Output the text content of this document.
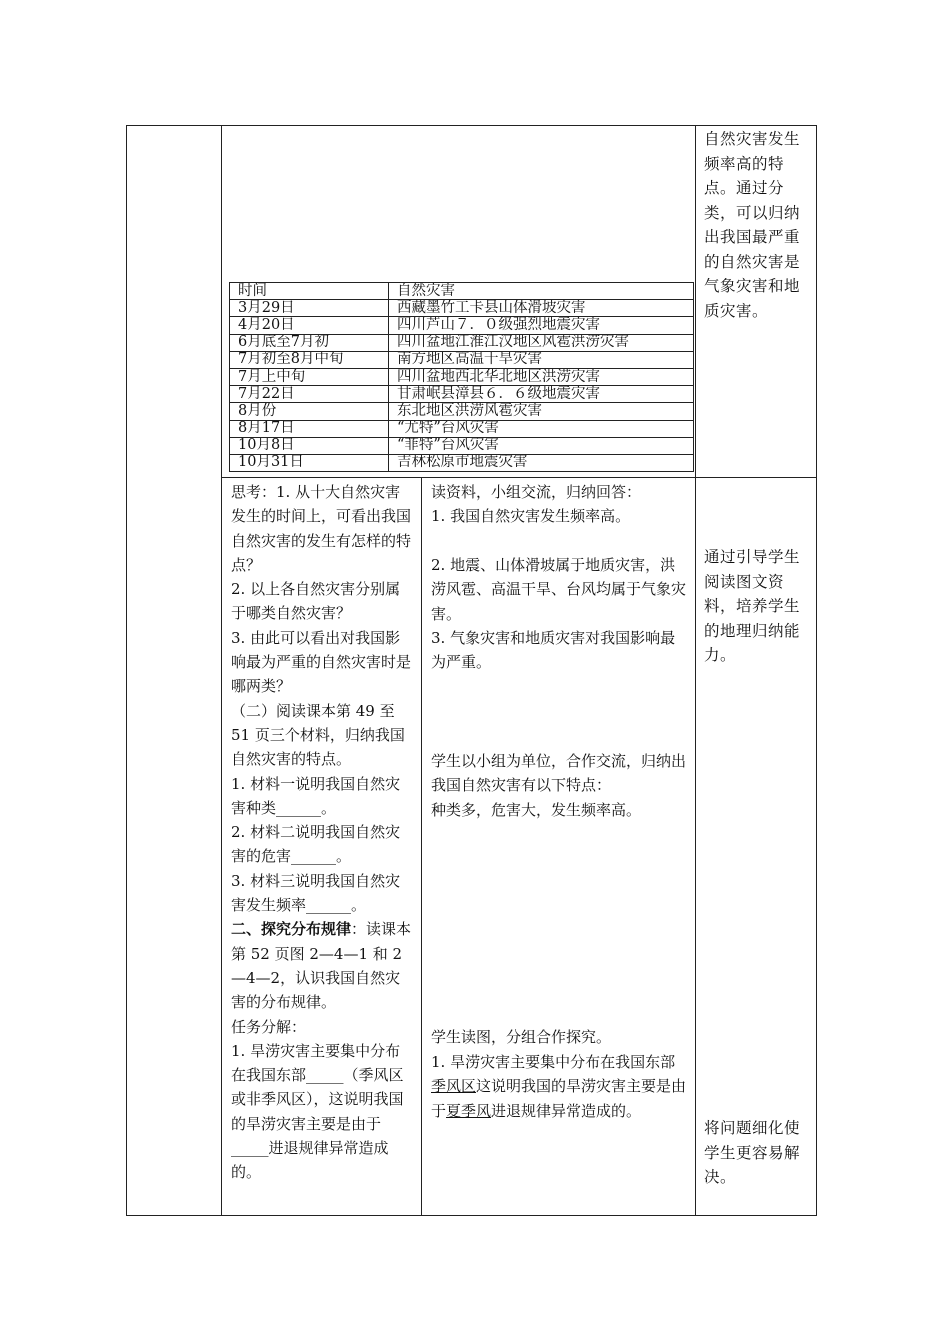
自然灾害发生频率高的特点。通过分类，可以归纳出我国最严重的自然灾害是气象灾害和地质灾害。
时间	自然灾害
3月29日	西藏墨竹工卡县山体滑坡灾害
4月20日	四川芦山７．０级强烈地震灾害
6月底至7月初	四川盆地江淮江汉地区风雹洪涝灾害
7月初至8月中旬	南方地区高温干旱灾害
7月上中旬	四川盆地西北华北地区洪涝灾害
7月22日	甘肃岷县漳县６．６级地震灾害
8月份	东北地区洪涝风雹灾害
8月17日	“尤特”台风灾害
10月8日	“菲特”台风灾害
10月31日	吉林松原市地震灾害

思考：1. 从十大自然灾害发生的时间上，可看出我国自然灾害的发生有怎样的特点？

2. 以上各自然灾害分别属于哪类自然灾害？

3. 由此可以看出对我国影响最为严重的自然灾害时是哪两类？

（二）阅读课本第 49 至 51 页三个材料，归纳我国自然灾害的特点。

1. 材料一说明我国自然灾害种类______。

2. 材料二说明我国自然灾害的危害______。

3. 材料三说明我国自然灾害发生频率______。

二、探究分布规律：读课本第 52 页图 2—4—1 和 2—4—2，认识我国自然灾害的分布规律。

任务分解：

1. 旱涝灾害主要集中分布在我国东部_____（季风区或非季风区），这说明我国的旱涝灾害主要是由于_____进退规律异常造成的。

读资料，小组交流，归纳回答：
1. 我国自然灾害发生频率高。
2. 地震、山体滑坡属于地质灾害，洪涝风雹、高温干旱、台风均属于气象灾害。
3. 气象灾害和地质灾害对我国影响最为严重。
学生以小组为单位，合作交流，归纳出我国自然灾害有以下特点：
种类多，危害大，发生频率高。
学生读图，分组合作探究。
1. 旱涝灾害主要集中分布在我国东部季风区这说明我国的旱涝灾害主要是由于夏季风进退规律异常造成的。
通过引导学生阅读图文资料，培养学生的地理归纳能力。
将问题细化使学生更容易解决。
